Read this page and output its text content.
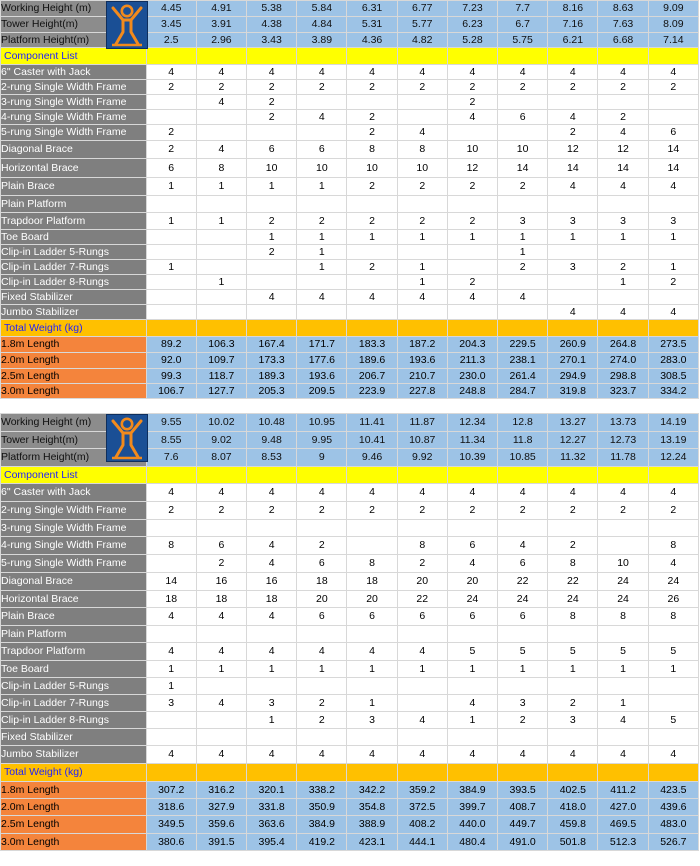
Working Height (m)	4.45	4.91	5.38	5.84	6.31	6.77	7.23	7.7	8.16	8.63	9.09
Tower Height(m)	3.45	3.91	4.38	4.84	5.31	5.77	6.23	6.7	7.16	7.63	8.09
Platform Height(m)	2.5	2.96	3.43	3.89	4.36	4.82	5.28	5.75	6.21	6.68	7.14
Component List											
6" Caster with Jack	4	4	4	4	4	4	4	4	4	4	4
2-rung Single Width Frame	2	2	2	2	2	2	2	2	2	2	2
3-rung Single Width Frame		4	2				2				
4-rung Single Width Frame			2	4	2		4	6	4	2	
5-rung Single Width Frame	2				2	4			2	4	6
Diagonal Brace	2	4	6	6	8	8	10	10	12	12	14
Horizontal Brace	6	8	10	10	10	10	12	14	14	14	14
Plain Brace	1	1	1	1	2	2	2	2	4	4	4
Plain Platform											
Trapdoor Platform	1	1	2	2	2	2	2	3	3	3	3
Toe Board			1	1	1	1	1	1	1	1	1
Clip-in Ladder 5-Rungs			2	1				1			
Clip-in Ladder 7-Rungs	1			1	2	1		2	3	2	1
Clip-in Ladder 8-Rungs		1				1	2			1	2
Fixed Stabilizer			4	4	4	4	4	4			
Jumbo Stabilizer									4	4	4
Total Weight (kg)											
1.8m Length	89.2	106.3	167.4	171.7	183.3	187.2	204.3	229.5	260.9	264.8	273.5
2.0m Length	92.0	109.7	173.3	177.6	189.6	193.6	211.3	238.1	270.1	274.0	283.0
2.5m Length	99.3	118.7	189.3	193.6	206.7	210.7	230.0	261.4	294.9	298.8	308.5
3.0m Length	106.7	127.7	205.3	209.5	223.9	227.8	248.8	284.7	319.8	323.7	334.2
Working Height (m)	9.55	10.02	10.48	10.95	11.41	11.87	12.34	12.8	13.27	13.73	14.19
Tower Height(m)	8.55	9.02	9.48	9.95	10.41	10.87	11.34	11.8	12.27	12.73	13.19
Platform Height(m)	7.6	8.07	8.53	9	9.46	9.92	10.39	10.85	11.32	11.78	12.24
Component List											
6" Caster with Jack	4	4	4	4	4	4	4	4	4	4	4
2-rung Single Width Frame	2	2	2	2	2	2	2	2	2	2	2
3-rung Single Width Frame											
4-rung Single Width Frame	8	6	4	2		8	6	4	2		8
5-rung Single Width Frame		2	4	6	8	2	4	6	8	10	4
Diagonal Brace	14	16	16	18	18	20	20	22	22	24	24
Horizontal Brace	18	18	18	20	20	22	24	24	24	24	26
Plain Brace	4	4	4	6	6	6	6	6	8	8	8
Plain Platform											
Trapdoor Platform	4	4	4	4	4	4	5	5	5	5	5
Toe Board	1	1	1	1	1	1	1	1	1	1	1
Clip-in Ladder 5-Rungs	1										
Clip-in Ladder 7-Rungs	3	4	3	2	1		4	3	2	1	
Clip-in Ladder 8-Rungs			1	2	3	4	1	2	3	4	5
Fixed Stabilizer											
Jumbo Stabilizer	4	4	4	4	4	4	4	4	4	4	4
Total Weight (kg)											
1.8m Length	307.2	316.2	320.1	338.2	342.2	359.2	384.9	393.5	402.5	411.2	423.5
2.0m Length	318.6	327.9	331.8	350.9	354.8	372.5	399.7	408.7	418.0	427.0	439.6
2.5m Length	349.5	359.6	363.6	384.9	388.9	408.2	440.0	449.7	459.8	469.5	483.0
3.0m Length	380.6	391.5	395.4	419.2	423.1	444.1	480.4	491.0	501.8	512.3	526.7
